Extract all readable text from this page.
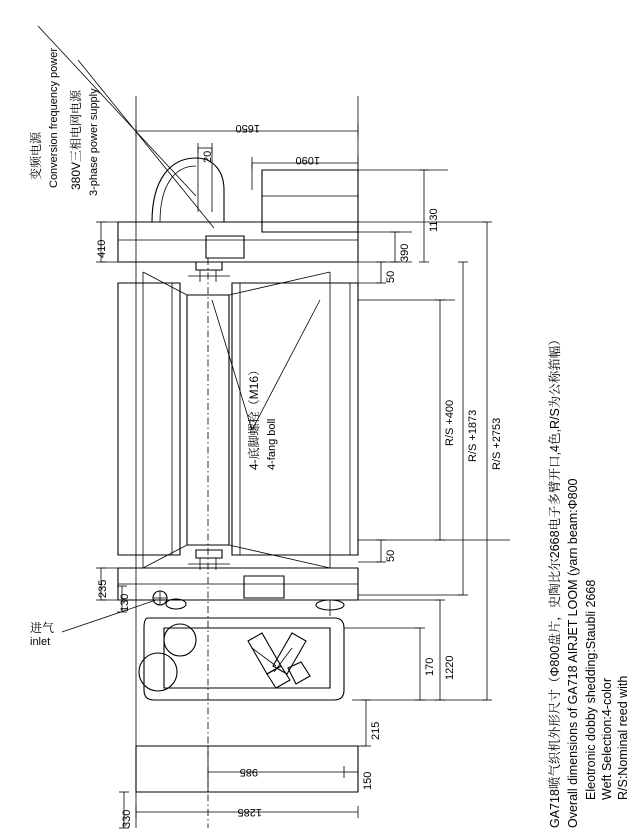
变频电源 Conversion frequency power 380V三相电网电源 3-phase power supply
4-底脚螺栓（M16） 4-fang boll
进气
inlet
1650
1090
20
1130
410	390
50
R/S +400 R/S +1873 R/S +2753
50
235
130
1220
170
215
150
985
330	1285	GA718喷气织机外形尺寸（Φ800盘片，史陶比尔2668电子多臂开口,4色,R/S为公称筘幅） Overall dimensions of GA718 AIRJET LOOM (yarn beam:Φ800 Eleotronic dobby shedding:Staubli 2668 Weft Selection:4-color R/S:Nominal reed with
